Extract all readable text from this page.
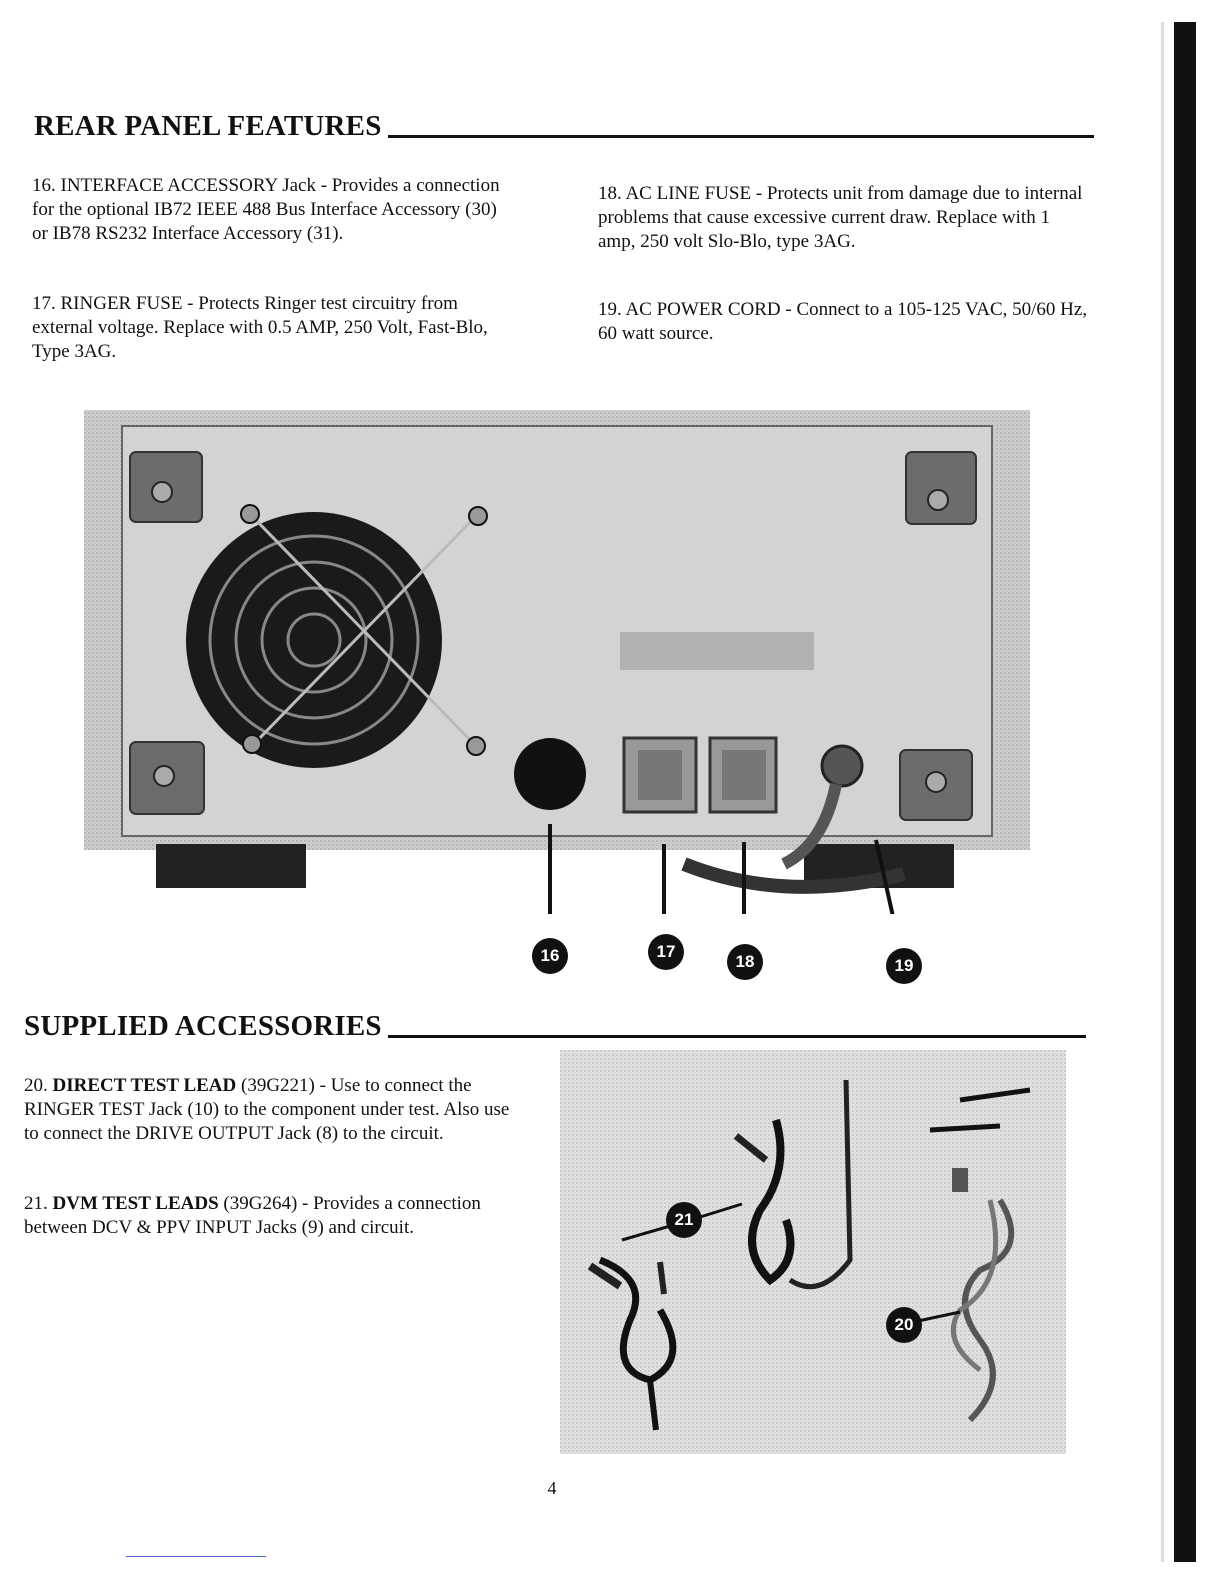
REAR PANEL FEATURES
16. INTERFACE ACCESSORY Jack - Provides a connection for the optional IB72 IEEE 488 Bus Interface Accessory (30) or IB78 RS232 Interface Accessory (31).
17. RINGER FUSE - Protects Ringer test circuitry from external voltage. Replace with 0.5 AMP, 250 Volt, Fast-Blo, Type 3AG.
18. AC LINE FUSE - Protects unit from damage due to internal problems that cause excessive current draw. Replace with 1 amp, 250 volt Slo-Blo, type 3AG.
19. AC POWER CORD - Connect to a 105-125 VAC, 50/60 Hz, 60 watt source.
16	17
18	19
SUPPLIED ACCESSORIES
20. DIRECT TEST LEAD (39G221) - Use to connect the RINGER TEST Jack (10) to the component under test. Also use to connect the DRIVE OUTPUT Jack (8) to the circuit.
21. DVM TEST LEADS (39G264) - Provides a connection between DCV & PPV INPUT Jacks (9) and circuit.
20
21
4
